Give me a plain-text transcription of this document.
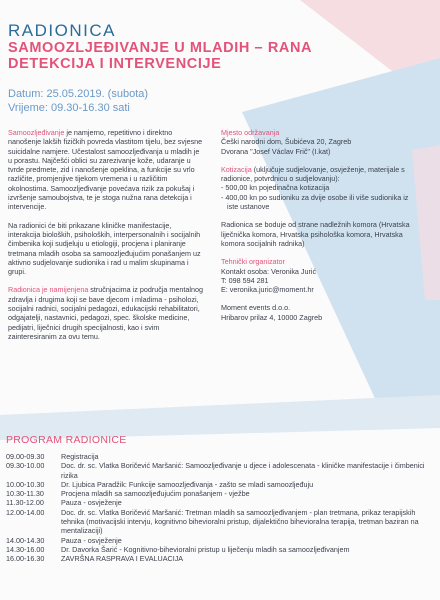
RADIONICA
SAMOOZLJEĐIVANJE U MLADIH – RANA DETEKCIJA I INTERVENCIJE
Datum: 25.05.2019. (subota)
Vrijeme: 09.30-16.30 sati

Samoozljeđivanje je namjerno, repetitivno i direktno nanošenje lakših fizičkih povreda vlastitom tijelu, bez svjesne suicidalne namjere. Učestalost samoozljeđivanja u mladih je u porastu. Najčešći oblici su zarezivanje kože, udaranje u tvrde predmete, zid i nanošenje opeklina, a funkcije su vrlo različite, promjenjive tijekom vremena i u različitim okolnostima. Samoozljeđivanje povećava rizik za pokušaj i izvršenje samoubojstva, te je stoga nužna rana detekcija i intervencije.

Na radionici će biti prikazane kliničke manifestacije, interakcija bioloških, psiholoških, interpersonalnih i socijalnih čimbenika koji sudjeluju u etiologiji, procjena i planiranje tretmana mladih osoba sa samoozljeđujućim ponašanjem uz aktivno sudjelovanje sudionika i rad u malim skupinama i grupi.

Radionica je namijenjena stručnjacima iz područja mentalnog zdravlja i drugima koji se bave djecom i mladima - psiholozi, socijalni radnici, socijalni pedagozi, edukacijski rehabilitatori, odgajatelji, nastavnici, pedagozi, spec. školske medicine, pedijatri, liječnici drugih specijalnosti, kao i svim zainteresiranim za ovu temu.

Mjesto održavanja

Češki narodni dom, Šubićeva 20, Zagreb

Dvorana "Josef Václav Frič" (I.kat)

Kotizacija (uključuje sudjelovanje, osvježenje, materijale s radionice, potvrdnicu o sudjelovanju):

- 500,00 kn pojedinačna kotizacija

- 400,00 kn po sudioniku za dvije osobe ili više sudionika iz iste ustanove

Radionica se boduje od strane nadležnih komora (Hrvatska liječnička komora, Hrvatska psihološka komora, Hrvatska komora socijalnih radnika)

Tehnički organizator

Kontakt osoba: Veronika Jurić

T: 098 594 281

E: veronika.juric@moment.hr

Moment events d.o.o.

Hribarov prilaz 4, 10000 Zagreb

PROGRAM RADIONICE
09.00-09.30	Registracija
09.30-10.00	Doc. dr. sc. Vlatka Boričević Maršanić: Samoozljeđivanje u djece i adolescenata - kliničke manifestacije i čimbenici rizika
10.00-10.30	Dr. Ljubica Paradžik: Funkcije samoozljeđivanja - zašto se mladi samoozljeđuju
10.30-11.30	Procjena mladih sa samoozljeđujućim ponašanjem - vježbe
11.30-12.00	Pauza - osvježenje
12.00-14.00	Doc. dr. sc. Vlatka Boričević Maršanić: Tretman mladih sa samoozljeđivanjem - plan tretmana, prikaz terapijskih tehnika (motivacijski intervju, kognitivno bihevioralni pristup, dijalektično bihevioralna terapija, tretman baziran na mentalizaciji)
14.00-14.30	Pauza - osvježenje
14.30-16.00	Dr. Davorka Šarić - Kognitivno-bihevioralni pristup u liječenju mladih sa samoozljeđivanjem
16.00-16.30	ZAVRŠNA RASPRAVA I EVALUACIJA
